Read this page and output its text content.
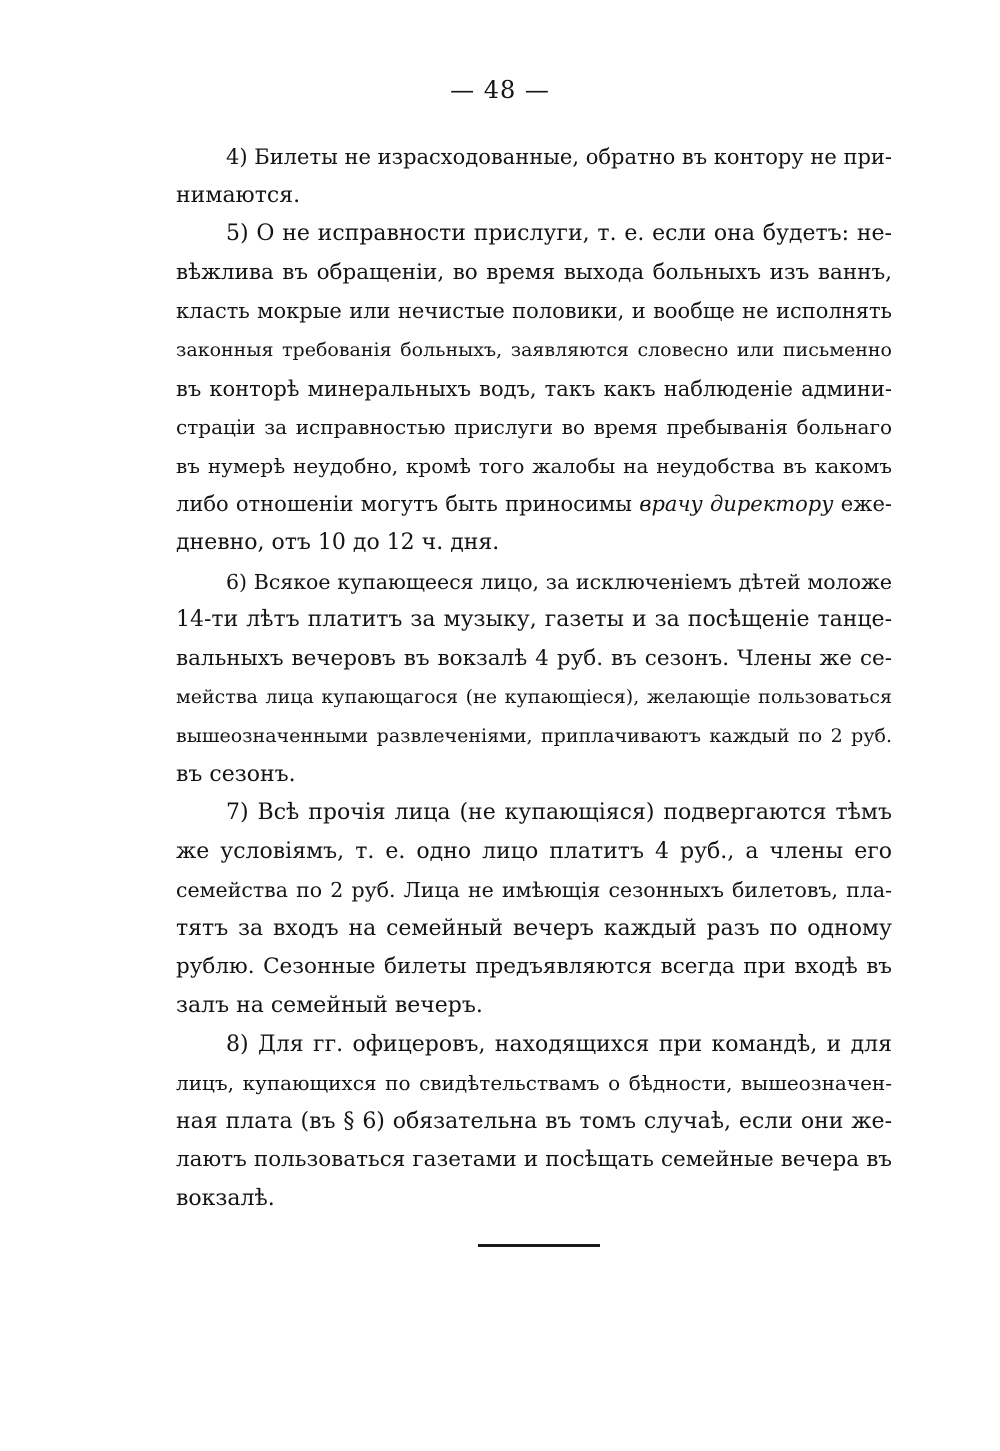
— 48 —
4) Билеты не израсходованные, обратно въ контору не при-
нимаются.
5) О не исправности прислуги, т. е. если она будетъ: не-
вѣжлива въ обращеніи, во время выхода больныхъ изъ ваннъ,
класть мокрые или нечистые половики, и вообще не исполнять
законныя требованія больныхъ, заявляются словесно или письменно
въ конторѣ минеральныхъ водъ, такъ какъ наблюденіе админи-
страціи за исправностью прислуги во время пребыванія больнаго
въ нумерѣ неудобно, кромѣ того жалобы на неудобства въ какомъ
либо отношеніи могутъ быть приносимы врачу директору еже-
дневно, отъ 10 до 12 ч. дня.
6) Всякое купающееся лицо, за исключеніемъ дѣтей моложе
14-ти лѣтъ платитъ за музыку, газеты и за посѣщеніе танце-
вальныхъ вечеровъ въ вокзалѣ 4 руб. въ сезонъ. Члены же се-
мейства лица купающагося (не купающіеся), желающіе пользоваться
вышеозначенными развлеченіями, приплачиваютъ каждый по 2 руб.
въ сезонъ.
7) Всѣ прочія лица (не купающіяся) подвергаются тѣмъ
же условіямъ, т. е. одно лицо платитъ 4 руб., а члены его
семейства по 2 руб. Лица не имѣющія сезонныхъ билетовъ, пла-
тятъ за входъ на семейный вечеръ каждый разъ по одному
рублю. Сезонные билеты предъявляются всегда при входѣ въ
залъ на семейный вечеръ.
8) Для гг. офицеровъ, находящихся при командѣ, и для
лицъ, купающихся по свидѣтельствамъ о бѣдности, вышеозначен-
ная плата (въ § 6) обязательна въ томъ случаѣ, если они же-
лаютъ пользоваться газетами и посѣщать семейные вечера въ
вокзалѣ.
